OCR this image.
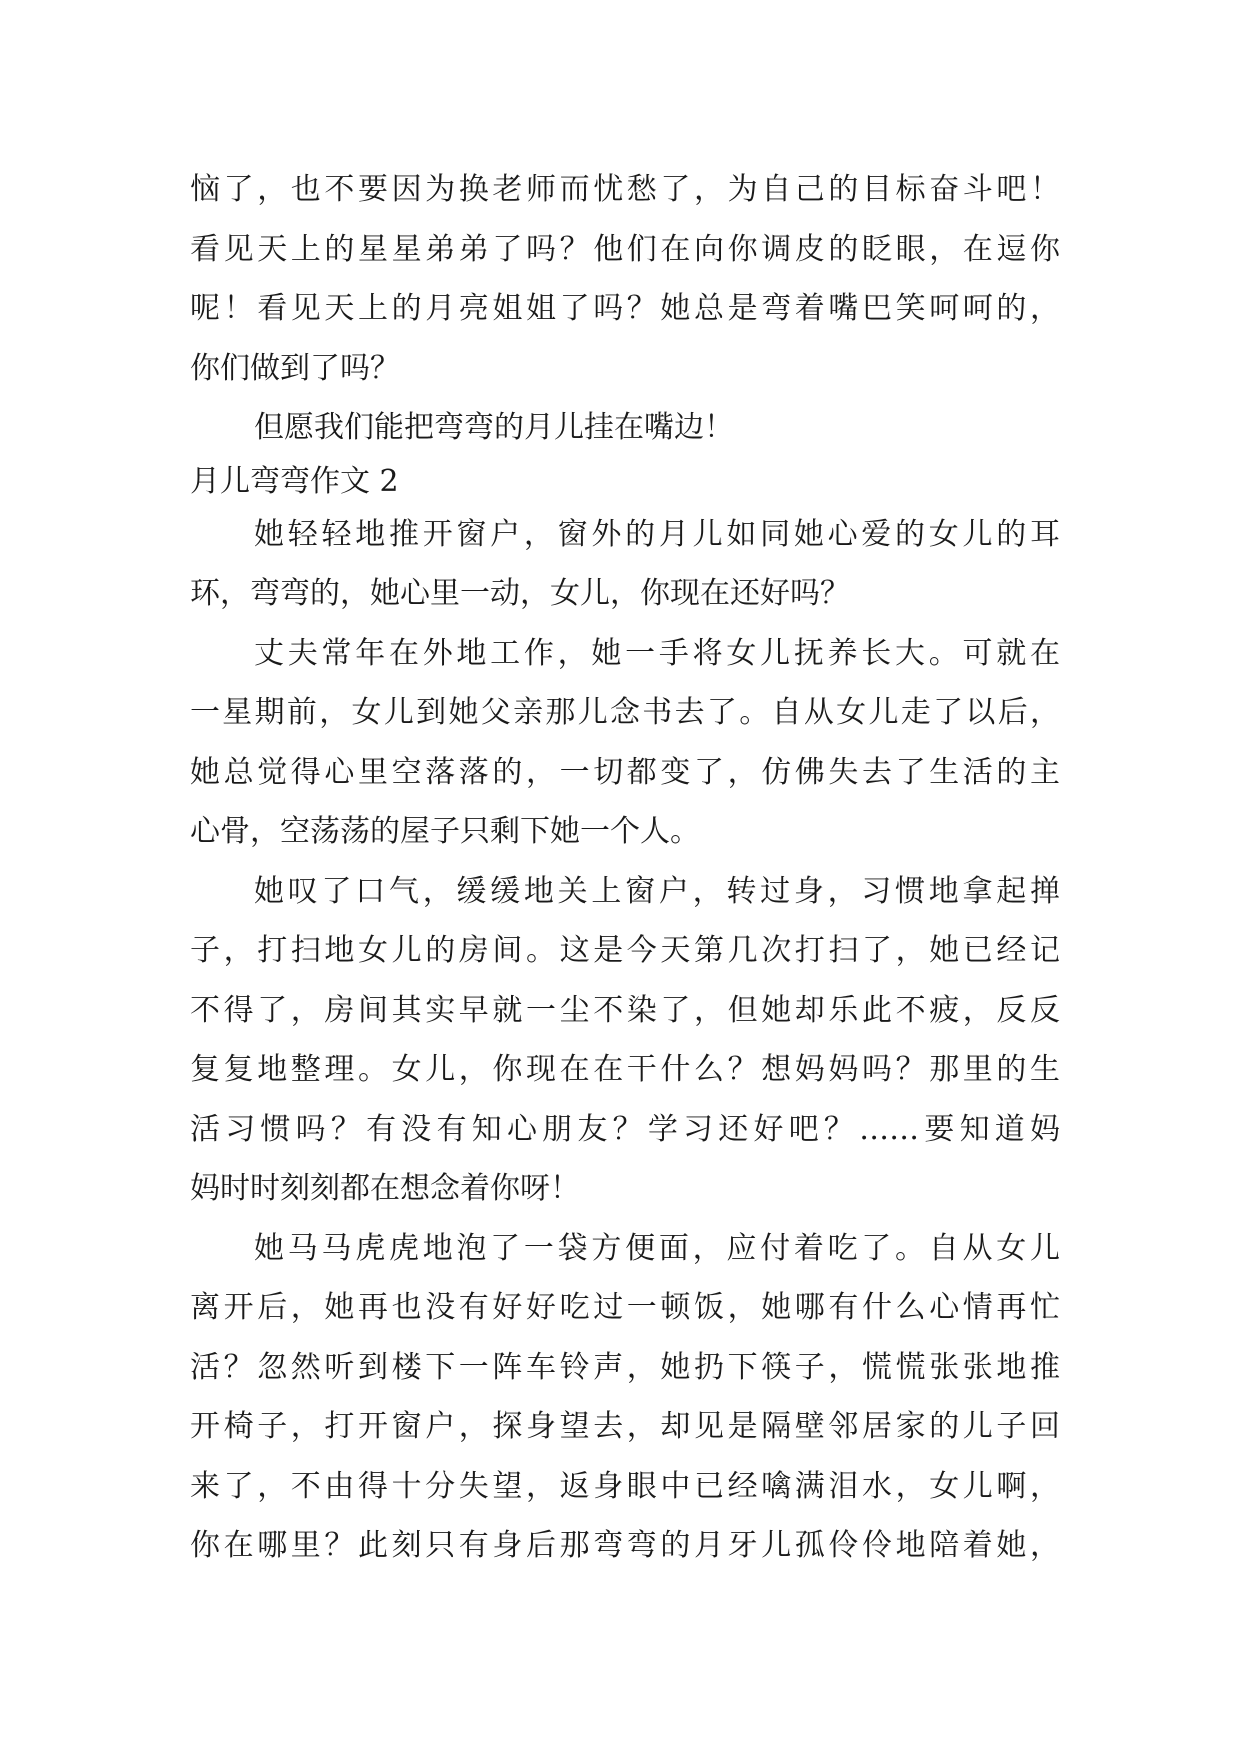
恼了，也不要因为换老师而忧愁了，为自己的目标奋斗吧！
看见天上的星星弟弟了吗？他们在向你调皮的眨眼，在逗你
呢！看见天上的月亮姐姐了吗？她总是弯着嘴巴笑呵呵的，
你们做到了吗？
但愿我们能把弯弯的月儿挂在嘴边！
月儿弯弯作文 2
她轻轻地推开窗户，窗外的月儿如同她心爱的女儿的耳
环，弯弯的，她心里一动，女儿，你现在还好吗？
丈夫常年在外地工作，她一手将女儿抚养长大。可就在
一星期前，女儿到她父亲那儿念书去了。自从女儿走了以后，
她总觉得心里空落落的，一切都变了，仿佛失去了生活的主
心骨，空荡荡的屋子只剩下她一个人。
她叹了口气，缓缓地关上窗户，转过身，习惯地拿起掸
子，打扫地女儿的房间。这是今天第几次打扫了，她已经记
不得了，房间其实早就一尘不染了，但她却乐此不疲，反反
复复地整理。女儿，你现在在干什么？想妈妈吗？那里的生
活习惯吗？有没有知心朋友？学习还好吧？……要知道妈
妈时时刻刻都在想念着你呀！
她马马虎虎地泡了一袋方便面，应付着吃了。自从女儿
离开后，她再也没有好好吃过一顿饭，她哪有什么心情再忙
活？忽然听到楼下一阵车铃声，她扔下筷子，慌慌张张地推
开椅子，打开窗户，探身望去，却见是隔壁邻居家的儿子回
来了，不由得十分失望，返身眼中已经噙满泪水，女儿啊，
你在哪里？此刻只有身后那弯弯的月牙儿孤伶伶地陪着她，
